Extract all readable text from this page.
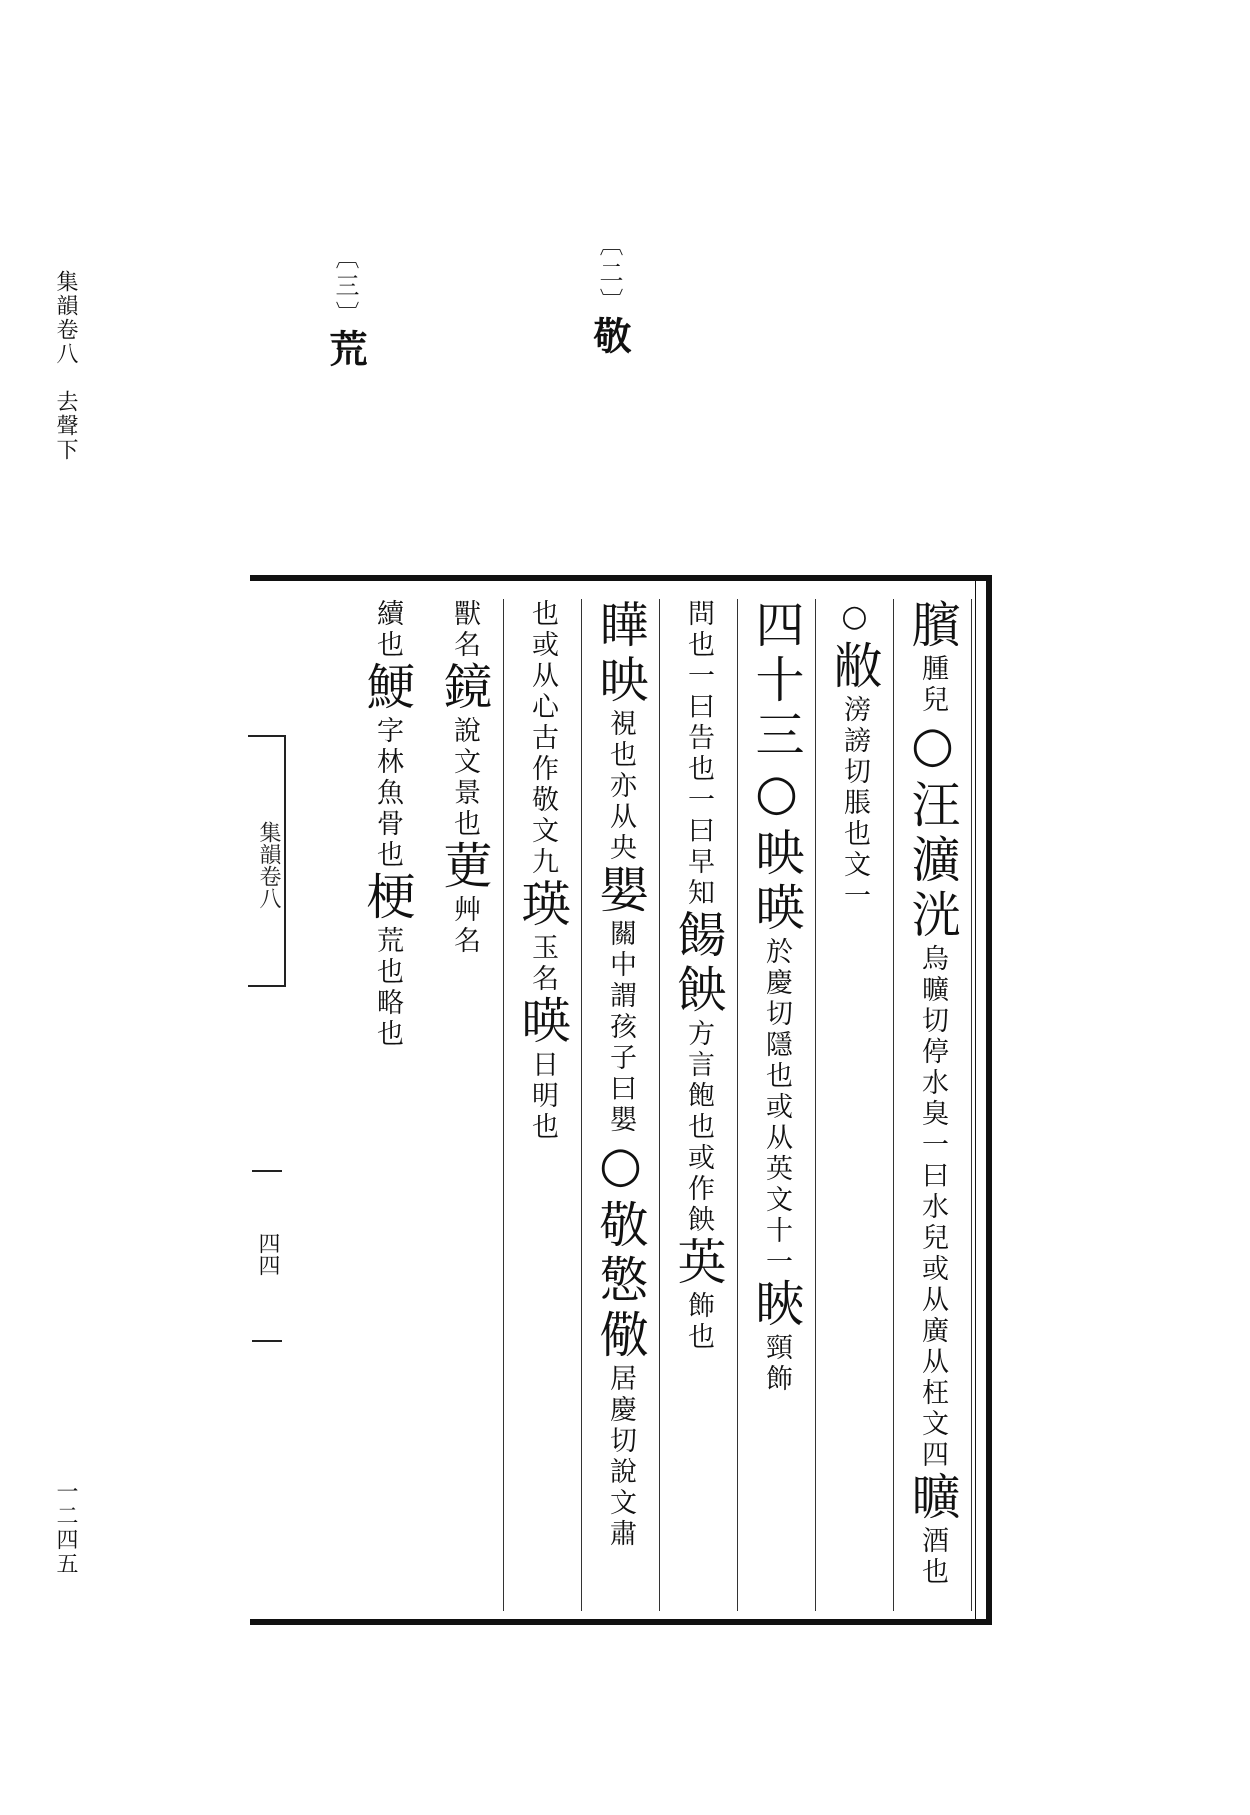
集韻卷八　去聲下
一二四五
〔二〕敬
〔三〕荒
臏腫兒○汪瀇洸烏曠切停水臭一曰水兒或从廣从枉文四曠酒也
○敝滂謗切脹也文一
四十三○映暎於慶切隱也或从英文十一䀹頸飾
問也一曰告也一曰早知餳䬬方言飽也或作䬬英飾也
瞱映視也亦从央嬰關中謂孩子曰嬰○敬憼儆居慶切說文肅
也或从心古作敬文九瑛玉名暎日明也
獸名鏡說文景也莄艸名
續也鯁字林魚骨也梗荒也略也
集韻卷八
四四
